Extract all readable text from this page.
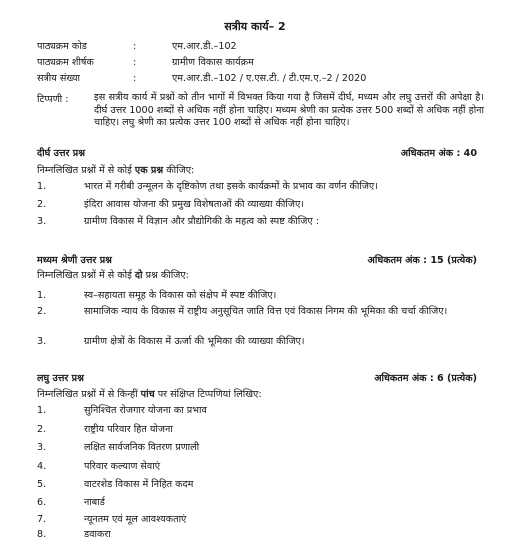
सत्रीय कार्य– 2
पाठ्यक्रम कोड	:	एम.आर.डी.–102
पाठ्यक्रम शीर्षक	:	ग्रामीण विकास कार्यक्रम
सत्रीय संख्या	:	एम.आर.डी.–102 / ए.एस.टी. / टी.एम.ए.–2 / 2020
टिप्पणी :	इस सत्रीय कार्य में प्रश्नों को तीन भागों में विभक्त किया गया है जिसमें दीर्घ, मध्यम और लघु उत्तरों की अपेक्षा है। दीर्घ उत्तर 1000 शब्दों से अधिक नहीं होना चाहिए। मध्यम श्रेणी का प्रत्येक उत्तर 500 शब्दों से अधिक नहीं होना चाहिए। लघु श्रेणी का प्रत्येक उत्तर 100 शब्दों से अधिक नहीं होना चाहिए।
दीर्घ उत्तर प्रश्न	अधिकतम अंक : 40
निम्नलिखित प्रश्नों में से कोई एक प्रश्न कीजिए:
1.	भारत में गरीबी उन्मूलन के दृष्टिकोण तथा इसके कार्यक्रमों के प्रभाव का वर्णन कीजिए।
2.	इंदिरा आवास योजना की प्रमुख विशेषताओं की व्याख्या कीजिए।
3.	ग्रामीण विकास में विज्ञान और प्रौद्योगिकी के महत्व को स्पष्ट कीजिए :
मध्यम श्रेणी उत्तर प्रश्न	अधिकतम अंक : 15 (प्रत्येक)
निम्नलिखित प्रश्नों में से कोई दो प्रश्न कीजिए:
1.	स्व–सहायता समूह के विकास को संक्षेप में स्पष्ट कीजिए।
2.	सामाजिक न्याय के विकास में राष्ट्रीय अनुसूचित जाति वित्त एवं विकास निगम की भूमिका की चर्चा कीजिए।
3.	ग्रामीण क्षेत्रों के विकास में ऊर्जा की भूमिका की व्याख्या कीजिए।
लघु उत्तर प्रश्न	अधिकतम अंक : 6 (प्रत्येक)
निम्नलिखित प्रश्नों में से किन्हीं पांच पर संक्षिप्त टिप्पणियां लिखिए:
1.	सुनिश्चित रोजगार योजना का प्रभाव
2.	राष्ट्रीय परिवार हित योजना
3.	लक्षित सार्वजनिक वितरण प्रणाली
4.	परिवार कल्याण सेवाएं
5.	वाटरशेड विकास में निहित कदम
6.	नाबार्ड
7.	न्यूनतम एवं मूल आवश्यकताएं
8.	डवाकरा
